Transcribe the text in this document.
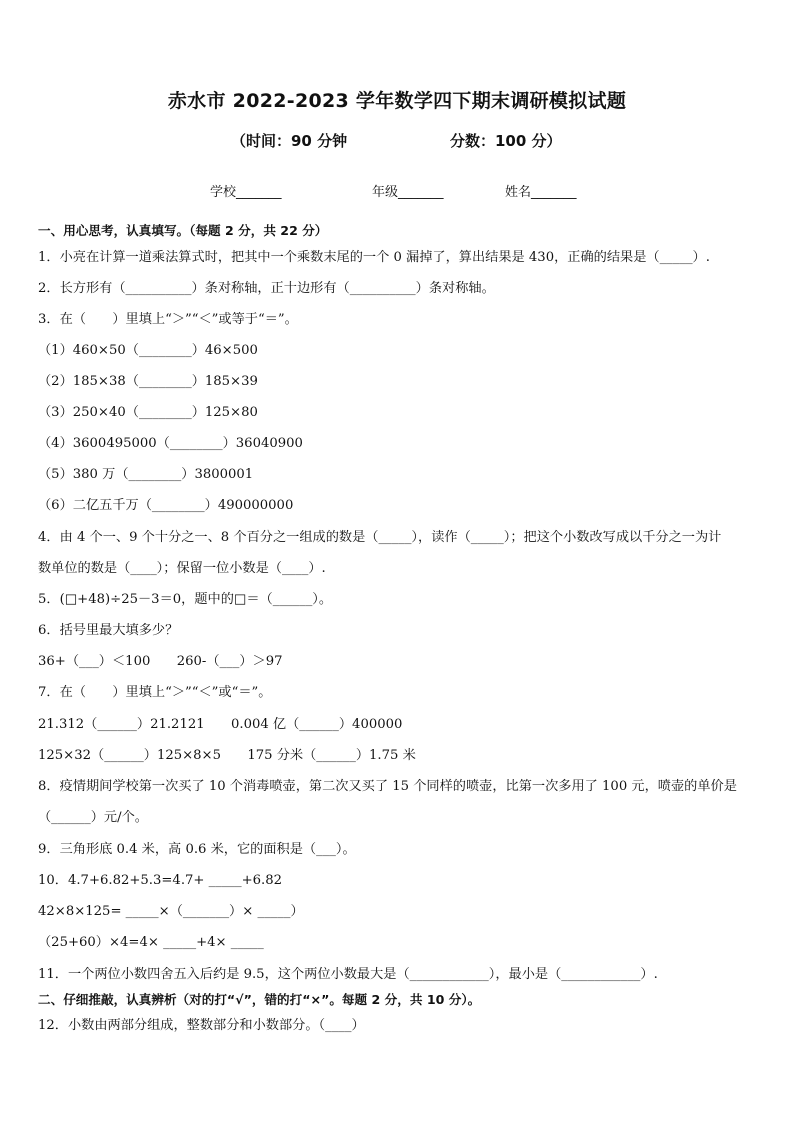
赤水市 2022-2023 学年数学四下期末调研模拟试题
（时间：90 分钟	分数：100 分）
学校_______	年级_______	姓名_______
一、用心思考，认真填写。（每题 2 分，共 22 分）
1．小亮在计算一道乘法算式时，把其中一个乘数末尾的一个 0 漏掉了，算出结果是 430，正确的结果是（_____）.
2．长方形有（__________）条对称轴，正十边形有（__________）条对称轴。
3．在（　　）里填上“＞”“＜”或等于“＝”。
（1）460×50（________）46×500
（2）185×38（________）185×39
（3）250×40（________）125×80
（4）3600495000（________）36040900
（5）380 万（________）3800001
（6）二亿五千万（________）490000000
4．由 4 个一、9 个十分之一、8 个百分之一组成的数是（_____），读作（_____）；把这个小数改写成以千分之一为计
数单位的数是（____）；保留一位小数是（____）.
5．(□+48)÷25－3＝0，题中的□＝（______）。
6．括号里最大填多少？
36+（___）＜100　　260-（___）＞97
7．在（　　）里填上“＞”“＜”或“＝”。
21.312（______）21.2121　　0.004 亿（______）400000
125×32（______）125×8×5　　175 分米（______）1.75 米
8．疫情期间学校第一次买了 10 个消毒喷壶，第二次又买了 15 个同样的喷壶，比第一次多用了 100 元，喷壶的单价是
（______）元/个。
9．三角形底 0.4 米，高 0.6 米，它的面积是（___）。
10．4.7+6.82+5.3=4.7+ _____+6.82
42×8×125= _____×（_______）× _____）
（25+60）×4=4× _____+4× _____
11．一个两位小数四舍五入后约是 9.5，这个两位小数最大是（____________），最小是（____________）.
二、仔细推敲，认真辨析（对的打“√”，错的打“×”。每题 2 分，共 10 分）。
12．小数由两部分组成，整数部分和小数部分。（____）
